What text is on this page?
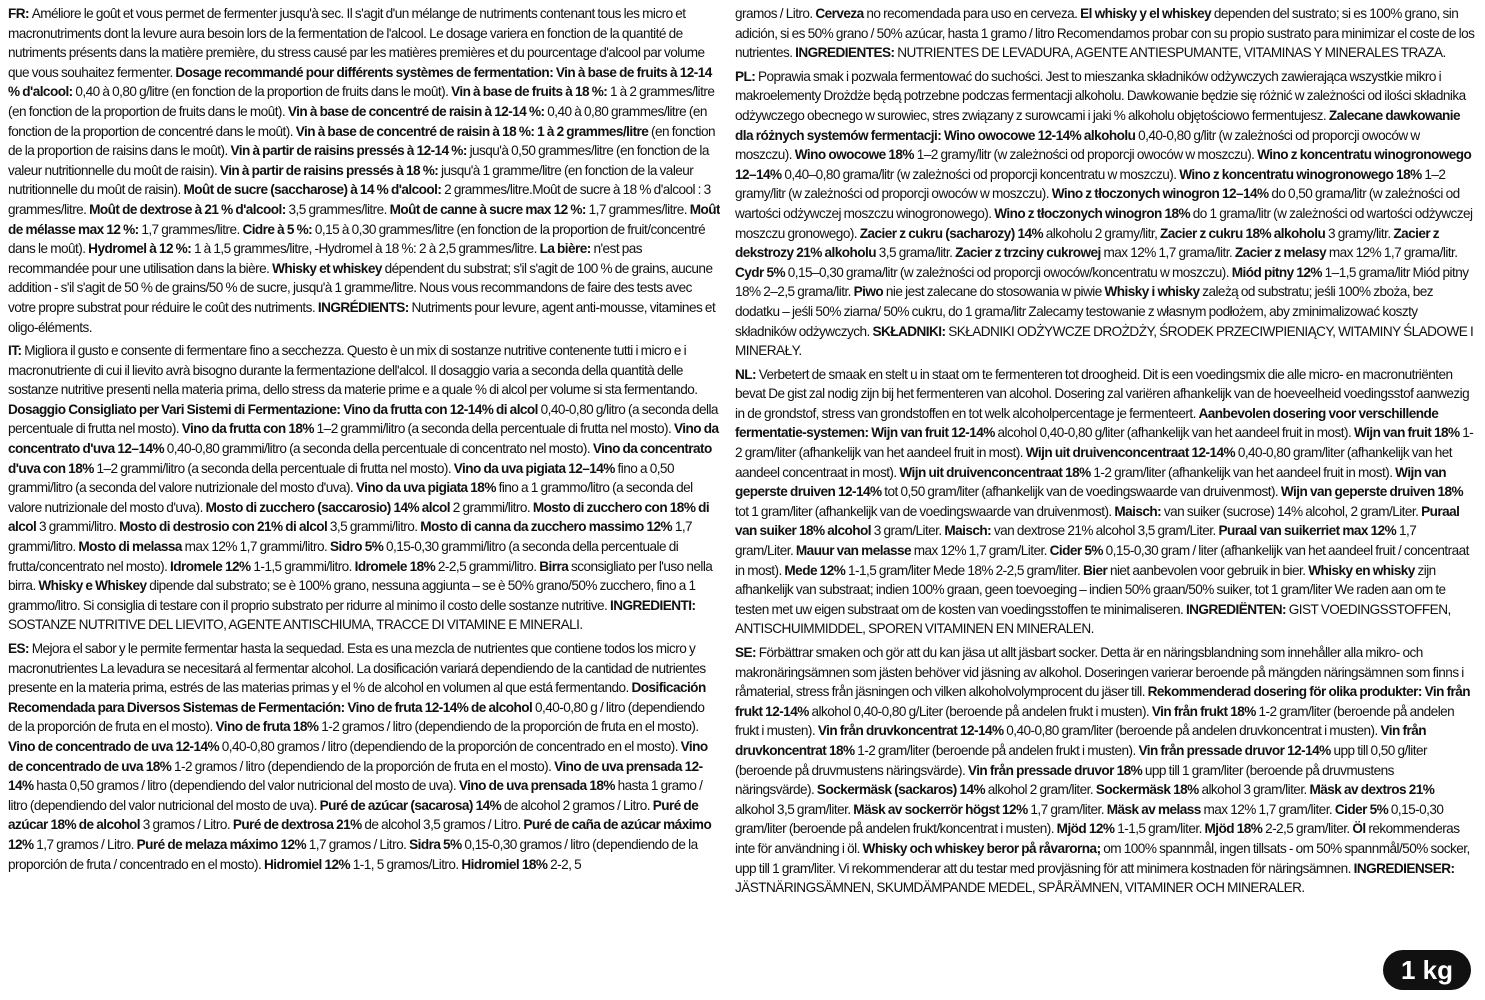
FR: Améliore le goût et vous permet de fermenter jusqu'à sec. Il s'agit d'un mélange de nutriments contenant tous les micro et macronutriments dont la levure aura besoin lors de la fermentation de l'alcool. Le dosage variera en fonction de la quantité de nutriments présents dans la matière première, du stress causé par les matières premières et du pourcentage d'alcool par volume que vous souhaitez fermenter. Dosage recommandé pour différents systèmes de fermentation: Vin à base de fruits à 12-14 % d'alcool: 0,40 à 0,80 g/litre (en fonction de la proportion de fruits dans le moût). Vin à base de fruits à 18 %: 1 à 2 grammes/litre (en fonction de la proportion de fruits dans le moût). Vin à base de concentré de raisin à 12-14 %: 0,40 à 0,80 grammes/litre (en fonction de la proportion de concentré dans le moût). Vin à base de concentré de raisin à 18 %: 1 à 2 grammes/litre (en fonction de la proportion de raisins dans le moût). Vin à partir de raisins pressés à 12-14 %: jusqu'à 0,50 grammes/litre (en fonction de la valeur nutritionnelle du moût de raisin). Vin à partir de raisins pressés à 18 %: jusqu'à 1 gramme/litre (en fonction de la valeur nutritionnelle du moût de raisin). Moût de sucre (saccharose) à 14 % d'alcool: 2 grammes/litre.Moût de sucre à 18 % d'alcool : 3 grammes/litre. Moût de dextrose à 21 % d'alcool: 3,5 grammes/litre. Moût de canne à sucre max 12 %: 1,7 grammes/litre. Moût de mélasse max 12 %: 1,7 grammes/litre. Cidre à 5 %: 0,15 à 0,30 grammes/litre (en fonction de la proportion de fruit/concentré dans le moût). Hydromel à 12 %: 1 à 1,5 grammes/litre, -Hydromel à 18 %: 2 à 2,5 grammes/litre. La bière: n'est pas recommandée pour une utilisation dans la bière. Whisky et whiskey dépendent du substrat; s'il s'agit de 100 % de grains, aucune addition - s'il s'agit de 50 % de grains/50 % de sucre, jusqu'à 1 gramme/litre. Nous vous recommandons de faire des tests avec votre propre substrat pour réduire le coût des nutriments. INGRÉDIENTS: Nutriments pour levure, agent anti-mousse, vitamines et oligo-éléments.

IT: Migliora il gusto e consente di fermentare fino a secchezza. Questo è un mix di sostanze nutritive contenente tutti i micro e i macronutriente di cui il lievito avrà bisogno durante la fermentazione dell'alcol. Il dosaggio varia a seconda della quantità delle sostanze nutritive presenti nella materia prima, dello stress da materie prime e a quale % di alcol per volume si sta fermentando. Dosaggio Consigliato per Vari Sistemi di Fermentazione: Vino da frutta con 12-14% di alcol 0,40-0,80 g/litro (a seconda della percentuale di frutta nel mosto). Vino da frutta con 18% 1–2 grammi/litro (a seconda della percentuale di frutta nel mosto). Vino da concentrato d'uva 12–14% 0,40-0,80 grammi/litro (a seconda della percentuale di concentrato nel mosto). Vino da concentrato d'uva con 18% 1–2 grammi/litro (a seconda della percentuale di frutta nel mosto). Vino da uva pigiata 12–14% fino a 0,50 grammi/litro (a seconda del valore nutrizionale del mosto d'uva). Vino da uva pigiata 18% fino a 1 grammo/litro (a seconda del valore nutrizionale del mosto d'uva). Mosto di zucchero (saccarosio) 14% alcol 2 grammi/litro. Mosto di zucchero con 18% di alcol 3 grammi/litro. Mosto di destrosio con 21% di alcol 3,5 grammi/litro. Mosto di canna da zucchero massimo 12% 1,7 grammi/litro. Mosto di melassa max 12% 1,7 grammi/litro. Sidro 5% 0,15-0,30 grammi/litro (a seconda della percentuale di frutta/concentrato nel mosto). Idromele 12% 1-1,5 grammi/litro. Idromele 18% 2-2,5 grammi/litro. Birra sconsigliato per l'uso nella birra. Whisky e Whiskey dipende dal substrato; se è 100% grano, nessuna aggiunta – se è 50% grano/50% zucchero, fino a 1 grammo/litro. Si consiglia di testare con il proprio substrato per ridurre al minimo il costo delle sostanze nutritive. INGREDIENTI: SOSTANZE NUTRITIVE DEL LIEVITO, AGENTE ANTISCHIUMA, TRACCE DI VITAMINE E MINERALI.

ES: Mejora el sabor y le permite fermentar hasta la sequedad. Esta es una mezcla de nutrientes que contiene todos los micro y macronutrientes La levadura se necesitará al fermentar alcohol. La dosificación variará dependiendo de la cantidad de nutrientes presente en la materia prima, estrés de las materias primas y el % de alcohol en volumen al que está fermentando. Dosificación Recomendada para Diversos Sistemas de Fermentación: Vino de fruta 12-14% de alcohol 0,40-0,80 g / litro (dependiendo de la proporción de fruta en el mosto). Vino de fruta 18% 1-2 gramos / litro (dependiendo de la proporción de fruta en el mosto). Vino de concentrado de uva 12-14% 0,40-0,80 gramos / litro (dependiendo de la proporción de concentrado en el mosto). Vino de concentrado de uva 18% 1-2 gramos / litro (dependiendo de la proporción de fruta en el mosto). Vino de uva prensada 12-14% hasta 0,50 gramos / litro (dependiendo del valor nutricional del mosto de uva). Vino de uva prensada 18% hasta 1 gramo / litro (dependiendo del valor nutricional del mosto de uva). Puré de azúcar (sacarosa) 14% de alcohol 2 gramos / Litro. Puré de azúcar 18% de alcohol 3 gramos / Litro. Puré de dextrosa 21% de alcohol 3,5 gramos / Litro. Puré de caña de azúcar máximo 12% 1,7 gramos / Litro. Puré de melaza máximo 12% 1,7 gramos / Litro. Sidra 5% 0,15-0,30 gramos / litro (dependiendo de la proporción de fruta / concentrado en el mosto). Hidromiel 12% 1-1, 5 gramos/Litro. Hidromiel 18% 2-2, 5

gramos / Litro. Cerveza no recomendada para uso en cerveza. El whisky y el whiskey dependen del sustrato; si es 100% grano, sin adición, si es 50% grano / 50% azúcar, hasta 1 gramo / litro Recomendamos probar con su propio sustrato para minimizar el coste de los nutrientes. INGREDIENTES: NUTRIENTES DE LEVADURA, AGENTE ANTIESPUMANTE, VITAMINAS Y MINERALES TRAZA.

PL: Poprawia smak i pozwala fermentować do suchości. Jest to mieszanka składników odżywczych zawierająca wszystkie mikro i makroelementy Drożdże będą potrzebne podczas fermentacji alkoholu. Dawkowanie będzie się różnić w zależności od ilości składnika odżywczego obecnego w surowiec, stres związany z surowcami i jaki % alkoholu objętościowo fermentujesz. Zalecane dawkowanie dla różnych systemów fermentacji: Wino owocowe 12-14% alkoholu 0,40-0,80 g/litr (w zależności od proporcji owoców w moszczu). Wino owocowe 18% 1–2 gramy/litr (w zależności od proporcji owoców w moszczu). Wino z koncentratu winogronowego 12–14% 0,40–0,80 grama/litr (w zależności od proporcji koncentratu w moszczu). Wino z koncentratu winogronowego 18% 1–2 gramy/litr (w zależności od proporcji owoców w moszczu). Wino z tłoczonych winogron 12–14% do 0,50 grama/litr (w zależności od wartości odżywczej moszczu winogronowego). Wino z tłoczonych winogron 18% do 1 grama/litr (w zależności od wartości odżywczej moszczu gronowego). Zacier z cukru (sacharozy) 14% alkoholu 2 gramy/litr, Zacier z cukru 18% alkoholu 3 gramy/litr. Zacier z dekstrozy 21% alkoholu 3,5 grama/litr. Zacier z trzciny cukrowej max 12% 1,7 grama/litr. Zacier z melasy max 12% 1,7 grama/litr. Cydr 5% 0,15–0,30 grama/litr (w zależności od proporcji owoców/koncentratu w moszczu). Miód pitny 12% 1–1,5 grama/litr Miód pitny 18% 2–2,5 grama/litr. Piwo nie jest zalecane do stosowania w piwie Whisky i whisky zależą od substratu; jeśli 100% zboża, bez dodatku – jeśli 50% ziarna/ 50% cukru, do 1 grama/litr Zalecamy testowanie z własnym podłożem, aby zminimalizować koszty składników odżywczych. SKŁADNIKI: SKŁADNIKI ODŻYWCZE DROŻDŻY, ŚRODEK PRZECIWPIENIĄCY, WITAMINY ŚLADOWE I MINERAŁY.

NL: Verbetert de smaak en stelt u in staat om te fermenteren tot droogheid. Dit is een voedingsmix die alle micro- en macronutriënten bevat De gist zal nodig zijn bij het fermenteren van alcohol. Dosering zal variëren afhankelijk van de hoeveelheid voedingsstof aanwezig in de grondstof, stress van grondstoffen en tot welk alcoholpercentage je fermenteert. Aanbevolen dosering voor verschillende fermentatie-systemen: Wijn van fruit 12-14% alcohol 0,40-0,80 g/liter (afhankelijk van het aandeel fruit in most). Wijn van fruit 18% 1-2 gram/liter (afhankelijk van het aandeel fruit in most). Wijn uit druivenconcentraat 12-14% 0,40-0,80 gram/liter (afhankelijk van het aandeel concentraat in most). Wijn uit druivenconcentraat 18% 1-2 gram/liter (afhankelijk van het aandeel fruit in most). Wijn van geperste druiven 12-14% tot 0,50 gram/liter (afhankelijk van de voedingswaarde van druivenmost). Wijn van geperste druiven 18% tot 1 gram/liter (afhankelijk van de voedingswaarde van druivenmost). Maisch: van suiker (sucrose) 14% alcohol, 2 gram/Liter. Puraal van suiker 18% alcohol 3 gram/Liter. Maisch: van dextrose 21% alcohol 3,5 gram/Liter. Puraal van suikerriet max 12% 1,7 gram/Liter. Mauur van melasse max 12% 1,7 gram/Liter. Cider 5% 0,15-0,30 gram / liter (afhankelijk van het aandeel fruit / concentraat in most). Mede 12% 1-1,5 gram/liter Mede 18% 2-2,5 gram/liter. Bier niet aanbevolen voor gebruik in bier. Whisky en whisky zijn afhankelijk van substraat; indien 100% graan, geen toevoeging – indien 50% graan/50% suiker, tot 1 gram/liter We raden aan om te testen met uw eigen substraat om de kosten van voedingsstoffen te minimaliseren. INGREDIËNTEN: GIST VOEDINGSSTOFFEN, ANTISCHUIMMIDDEL, SPOREN VITAMINEN EN MINERALEN.

SE: Förbättrar smaken och gör att du kan jäsa ut allt jäsbart socker. Detta är en näringsblandning som innehåller alla mikro- och makronäringsämnen som jästen behöver vid jäsning av alkohol. Doseringen varierar beroende på mängden näringsämnen som finns i råmaterial, stress från jäsningen och vilken alkoholvolymprocent du jäser till. Rekommenderad dosering för olika produkter: Vin från frukt 12-14% alkohol 0,40-0,80 g/Liter (beroende på andelen frukt i musten). Vin från frukt 18% 1-2 gram/liter (beroende på andelen frukt i musten). Vin från druvkoncentrat 12-14% 0,40-0,80 gram/liter (beroende på andelen druvkoncentrat i musten). Vin från druvkoncentrat 18% 1-2 gram/liter (beroende på andelen frukt i musten). Vin från pressade druvor 12-14% upp till 0,50 g/liter (beroende på druvmustens näringsvärde). Vin från pressade druvor 18% upp till 1 gram/liter (beroende på druvmustens näringsvärde). Sockermäsk (sackaros) 14% alkohol 2 gram/liter. Sockermäsk 18% alkohol 3 gram/liter. Mäsk av dextros 21% alkohol 3,5 gram/liter. Mäsk av sockerrör högst 12% 1,7 gram/liter. Mäsk av melass max 12% 1,7 gram/liter. Cider 5% 0,15-0,30 gram/liter (beroende på andelen frukt/koncentrat i musten). Mjöd 12% 1-1,5 gram/liter. Mjöd 18% 2-2,5 gram/liter. Öl rekommenderas inte för användning i öl. Whisky och whiskey beror på råvarorna; om 100% spannmål, ingen tillsats - om 50% spannmål/50% socker, upp till 1 gram/liter. Vi rekommenderar att du testar med provjäsning för att minimera kostnaden för näringsämnen. INGREDIENSER: JÄSTNÄRINGSÄMNEN, SKUMDÄMPANDE MEDEL, SPÅRÄMNEN, VITAMINER OCH MINERALER.

1 kg
